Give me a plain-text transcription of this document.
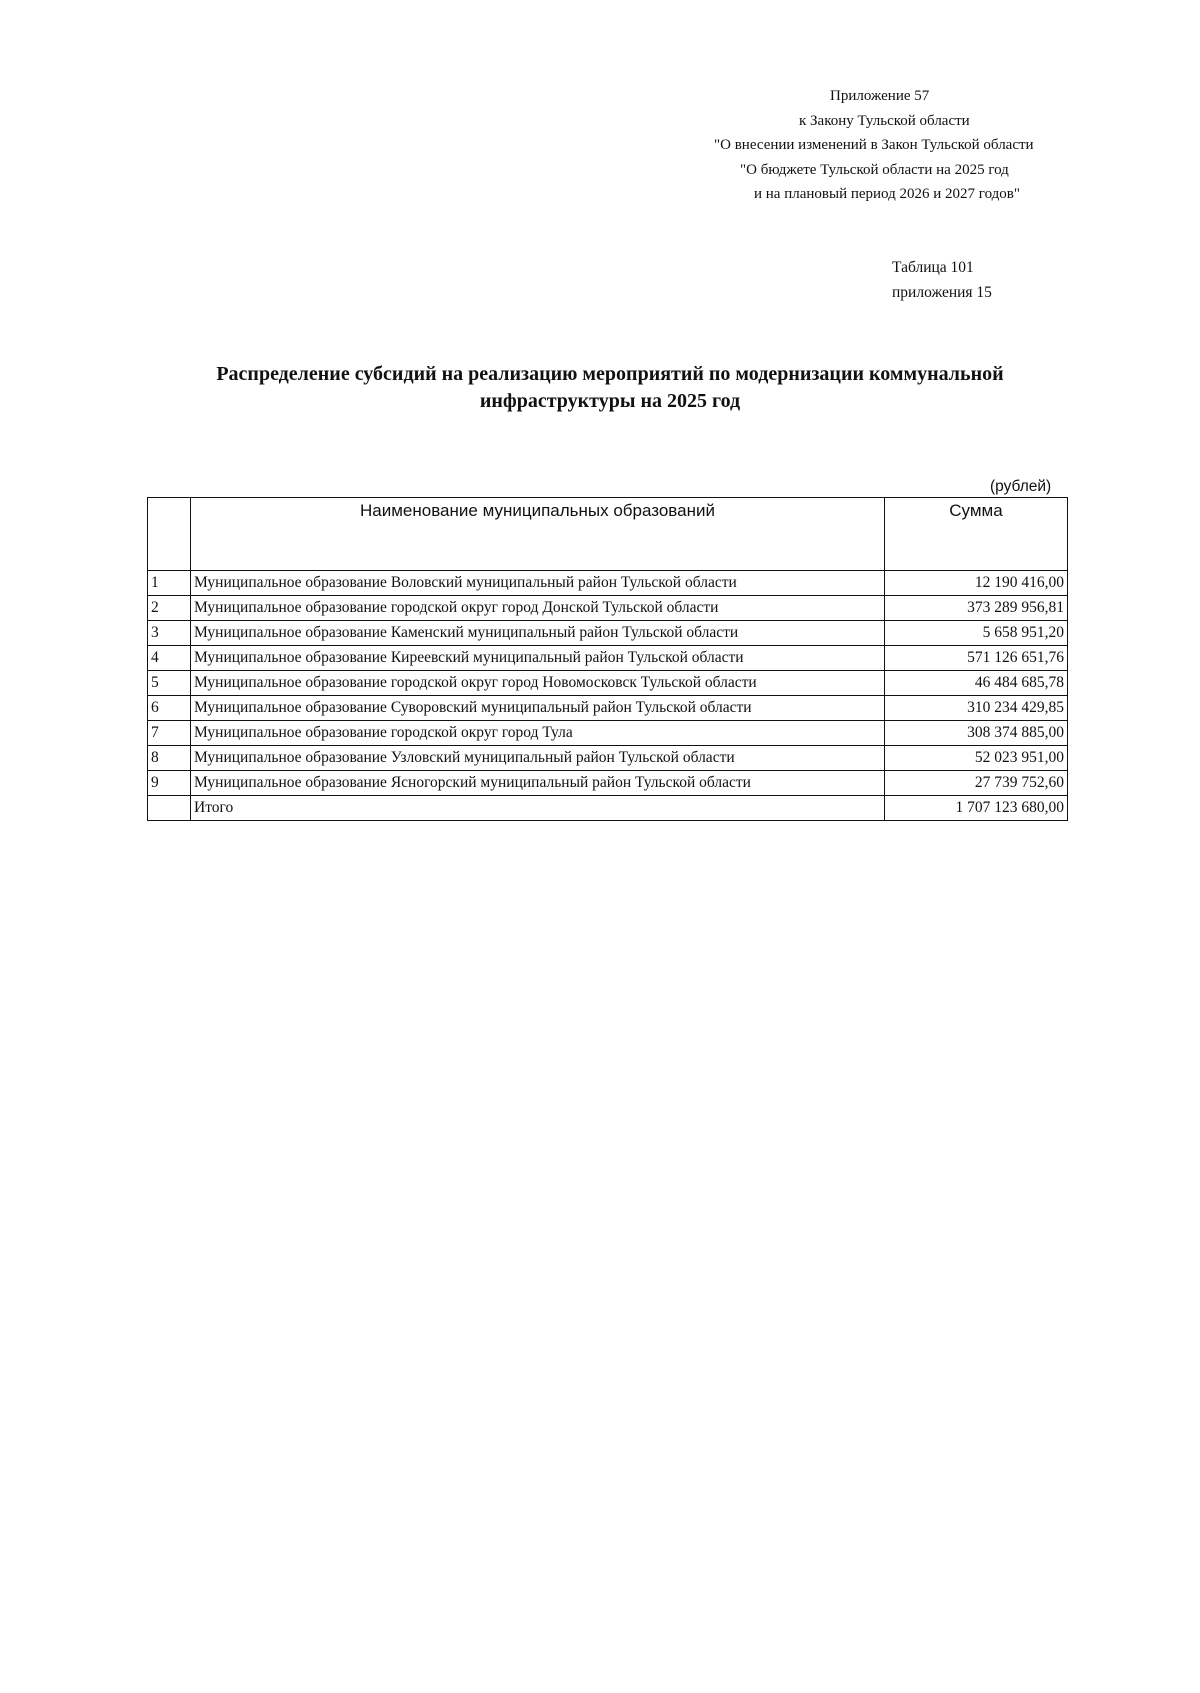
Приложение 57
к Закону Тульской области
"О внесении изменений в Закон Тульской области
"О бюджете Тульской области на 2025 год
и на плановый период 2026 и 2027 годов"
Таблица 101
приложения 15
Распределение субсидий на реализацию мероприятий по модернизации коммунальной
инфраструктуры на 2025 год
(рублей)
	Наименование муниципальных образований	Сумма
1	Муниципальное образование Воловский муниципальный район Тульской области	12 190 416,00
2	Муниципальное образование городской округ город Донской Тульской области	373 289 956,81
3	Муниципальное образование Каменский муниципальный район Тульской области	5 658 951,20
4	Муниципальное образование Киреевский муниципальный район Тульской области	571 126 651,76
5	Муниципальное образование городской округ город Новомосковск Тульской области	46 484 685,78
6	Муниципальное образование Суворовский муниципальный район Тульской области	310 234 429,85
7	Муниципальное образование городской округ город Тула	308 374 885,00
8	Муниципальное образование Узловский муниципальный район Тульской области	52 023 951,00
9	Муниципальное образование Ясногорский муниципальный район Тульской области	27 739 752,60
	Итого	1 707 123 680,00
